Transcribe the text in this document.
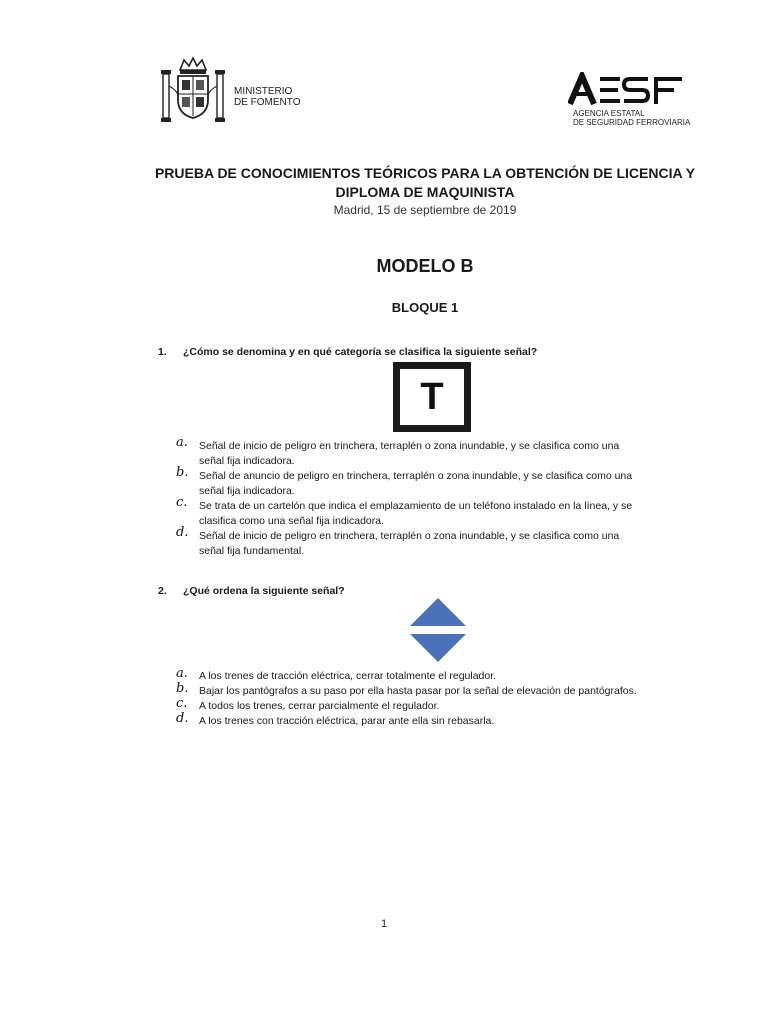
MINISTERIO
DE FOMENTO
AGENCIA ESTATAL
DE SEGURIDAD FERROVIARIA
PRUEBA DE CONOCIMIENTOS TEÓRICOS PARA LA OBTENCIÓN DE LICENCIA Y
DIPLOMA DE MAQUINISTA
Madrid, 15 de septiembre de 2019
MODELO B
BLOQUE 1
1. ¿Cómo se denomina y en qué categoría se clasifica la siguiente señal?
T
a. Señal de inicio de peligro en trinchera, terraplén o zona inundable, y se clasifica como una
señal fija indicadora.
b. Señal de anuncio de peligro en trinchera, terraplén o zona inundable, y se clasifica como una
señal fija indicadora.
c. Se trata de un cartelón que indica el emplazamiento de un teléfono instalado en la línea, y se
clasifica como una señal fija indicadora.
d. Señal de inicio de peligro en trinchera, terraplén o zona inundable, y se clasifica como una
señal fija fundamental.
2. ¿Qué ordena la siguiente señal?
a. A los trenes de tracción eléctrica, cerrar totalmente el regulador.
b. Bajar los pantógrafos a su paso por ella hasta pasar por la señal de elevación de pantógrafos.
c. A todos los trenes, cerrar parcialmente el regulador.
d. A los trenes con tracción eléctrica, parar ante ella sin rebasarla.
1
